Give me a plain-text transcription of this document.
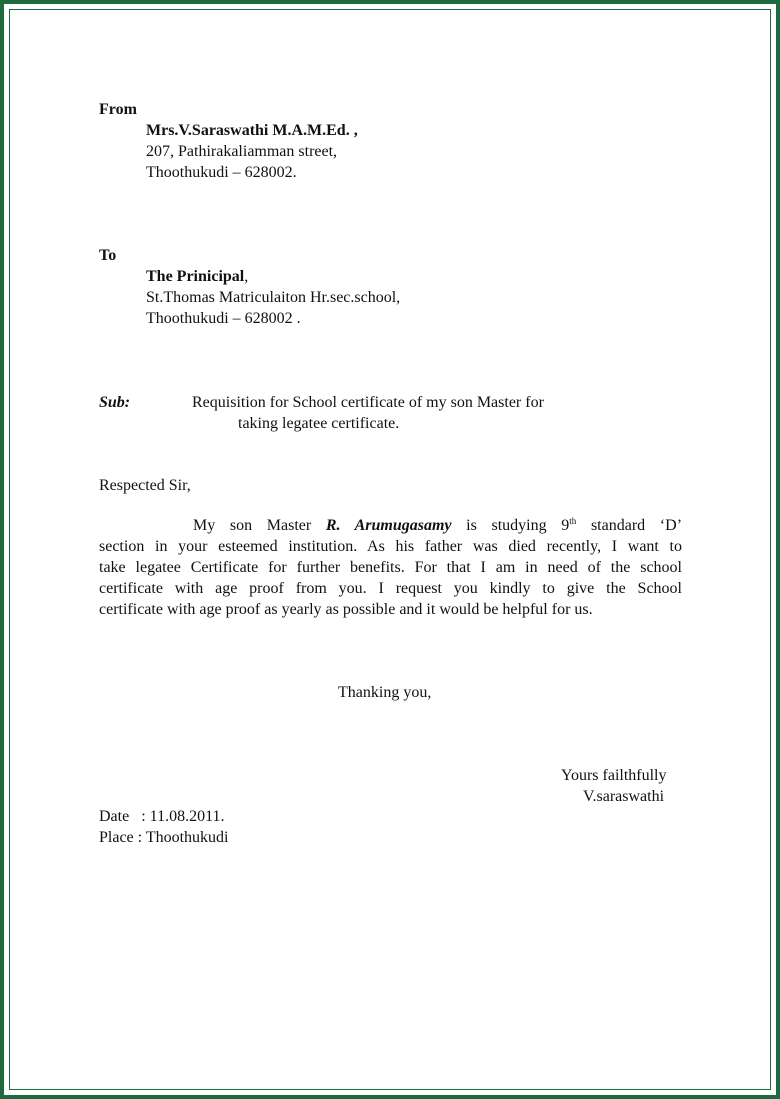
From
Mrs.V.Saraswathi M.A.M.Ed. ,
207, Pathirakaliamman street,
Thoothukudi – 628002.
To
The Prinicipal,
St.Thomas Matriculaiton Hr.sec.school,
Thoothukudi – 628002 .
Sub:	Requisition for School certificate of my son Master for
taking legatee certificate.
Respected Sir,
My son Master R. Arumugasamy is studying 9th standard ‘D’
section in your esteemed institution. As his father was died recently, I want to
take legatee Certificate for further benefits. For that I am in need of the school
certificate with age proof from you. I request you kindly to give the School
certificate with age proof as yearly as possible and it would be helpful for us.
Thanking you,
Yours failthfully
V.saraswathi
Date   : 11.08.2011.
Place : Thoothukudi
